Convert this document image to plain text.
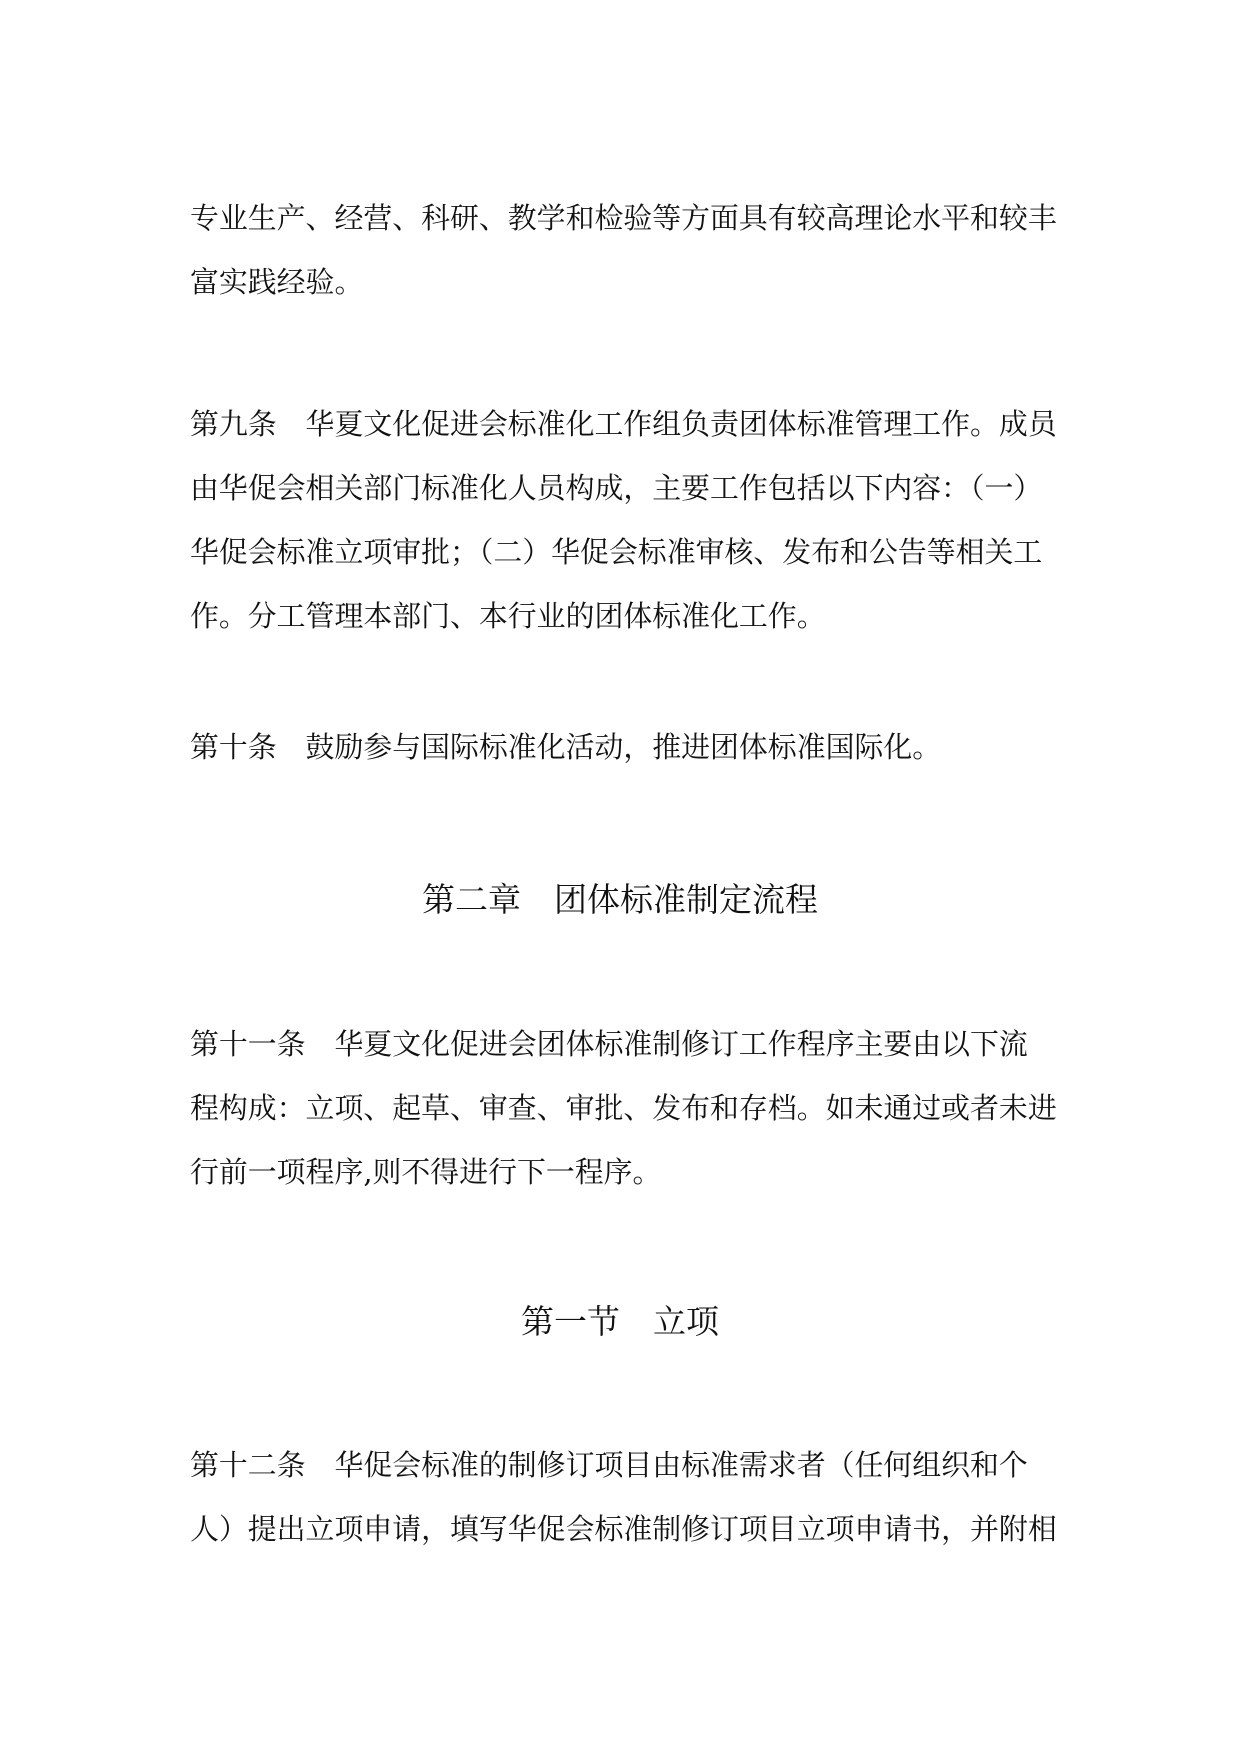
专业生产、经营、科研、教学和检验等方面具有较高理论水平和较丰
富实践经验。
第九条　华夏文化促进会标准化工作组负责团体标准管理工作。成员
由华促会相关部门标准化人员构成，主要工作包括以下内容：（一）
华促会标准立项审批；（二）华促会标准审核、发布和公告等相关工
作。分工管理本部门、本行业的团体标准化工作。
第十条　鼓励参与国际标准化活动，推进团体标准国际化。
第二章　团体标准制定流程
第十一条　华夏文化促进会团体标准制修订工作程序主要由以下流
程构成：立项、起草、审查、审批、发布和存档。如未通过或者未进
行前一项程序,则不得进行下一程序。
第一节　立项
第十二条　华促会标准的制修订项目由标准需求者（任何组织和个
人）提出立项申请，填写华促会标准制修订项目立项申请书，并附相
